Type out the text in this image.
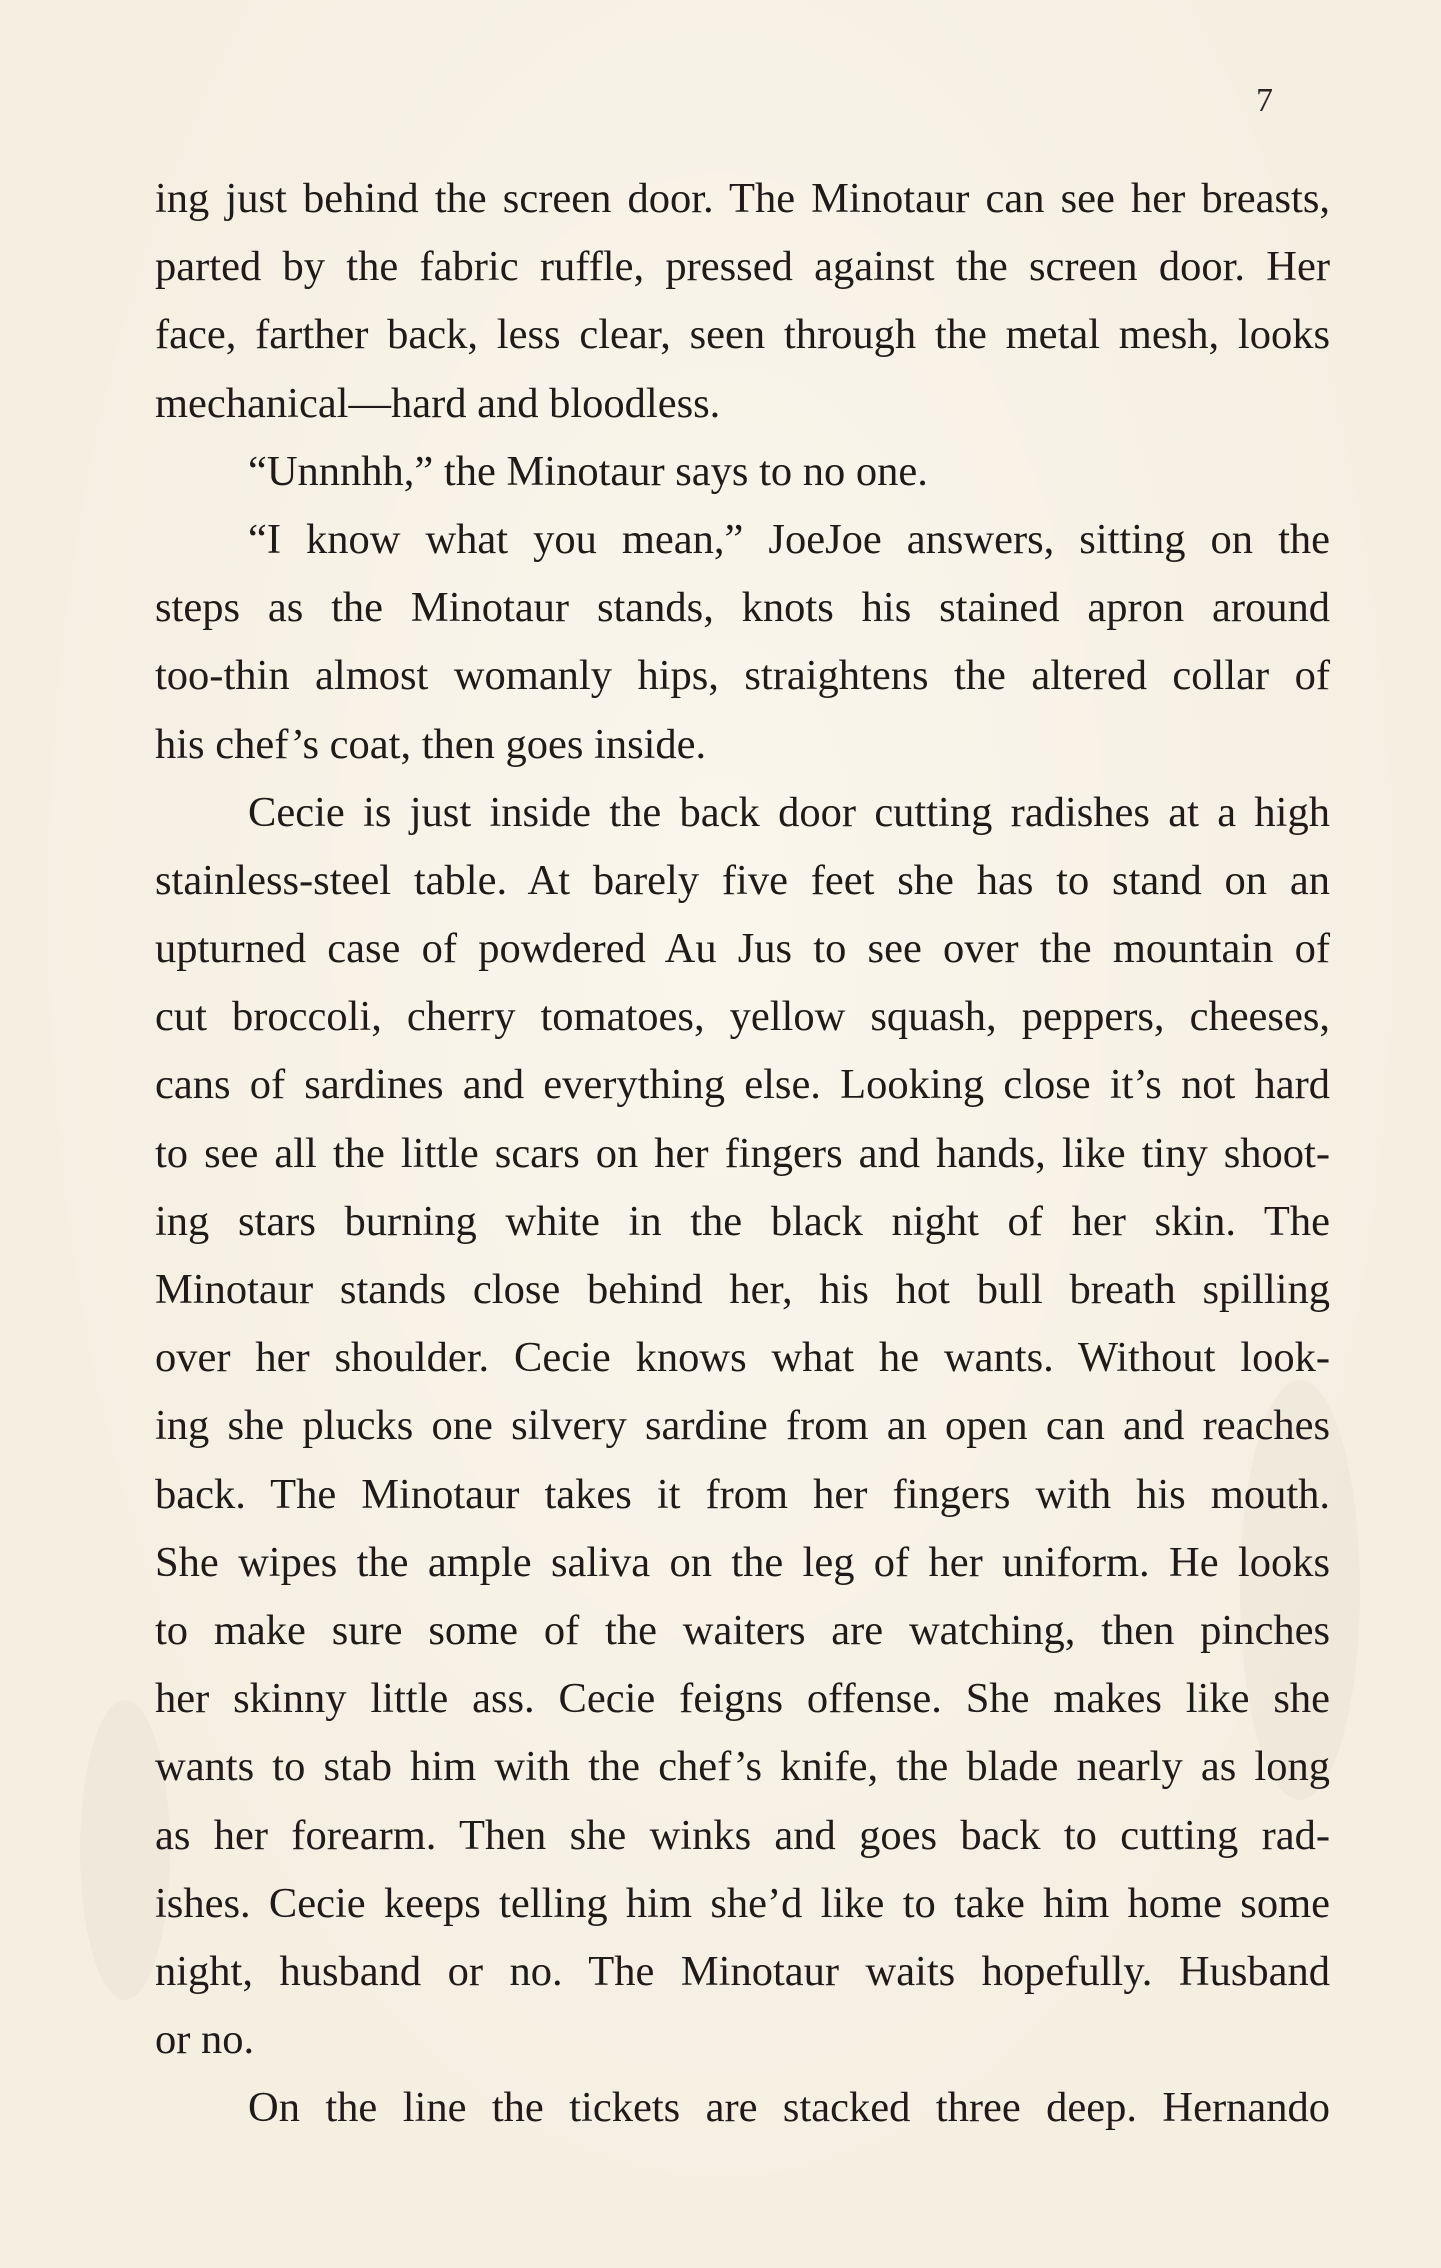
7
ing just behind the screen door. The Minotaur can see her breasts,
parted by the fabric ruffle, pressed against the screen door. Her
face, farther back, less clear, seen through the metal mesh, looks
mechanical—hard and bloodless.
“Unnnhh,” the Minotaur says to no one.
“I know what you mean,” JoeJoe answers, sitting on the
steps as the Minotaur stands, knots his stained apron around
too-thin almost womanly hips, straightens the altered collar of
his chef’s coat, then goes inside.
Cecie is just inside the back door cutting radishes at a high
stainless-steel table. At barely five feet she has to stand on an
upturned case of powdered Au Jus to see over the mountain of
cut broccoli, cherry tomatoes, yellow squash, peppers, cheeses,
cans of sardines and everything else. Looking close it’s not hard
to see all the little scars on her fingers and hands, like tiny shoot-
ing stars burning white in the black night of her skin. The
Minotaur stands close behind her, his hot bull breath spilling
over her shoulder. Cecie knows what he wants. Without look-
ing she plucks one silvery sardine from an open can and reaches
back. The Minotaur takes it from her fingers with his mouth.
She wipes the ample saliva on the leg of her uniform. He looks
to make sure some of the waiters are watching, then pinches
her skinny little ass. Cecie feigns offense. She makes like she
wants to stab him with the chef’s knife, the blade nearly as long
as her forearm. Then she winks and goes back to cutting rad-
ishes. Cecie keeps telling him she’d like to take him home some
night, husband or no. The Minotaur waits hopefully. Husband
or no.
On the line the tickets are stacked three deep. Hernando
